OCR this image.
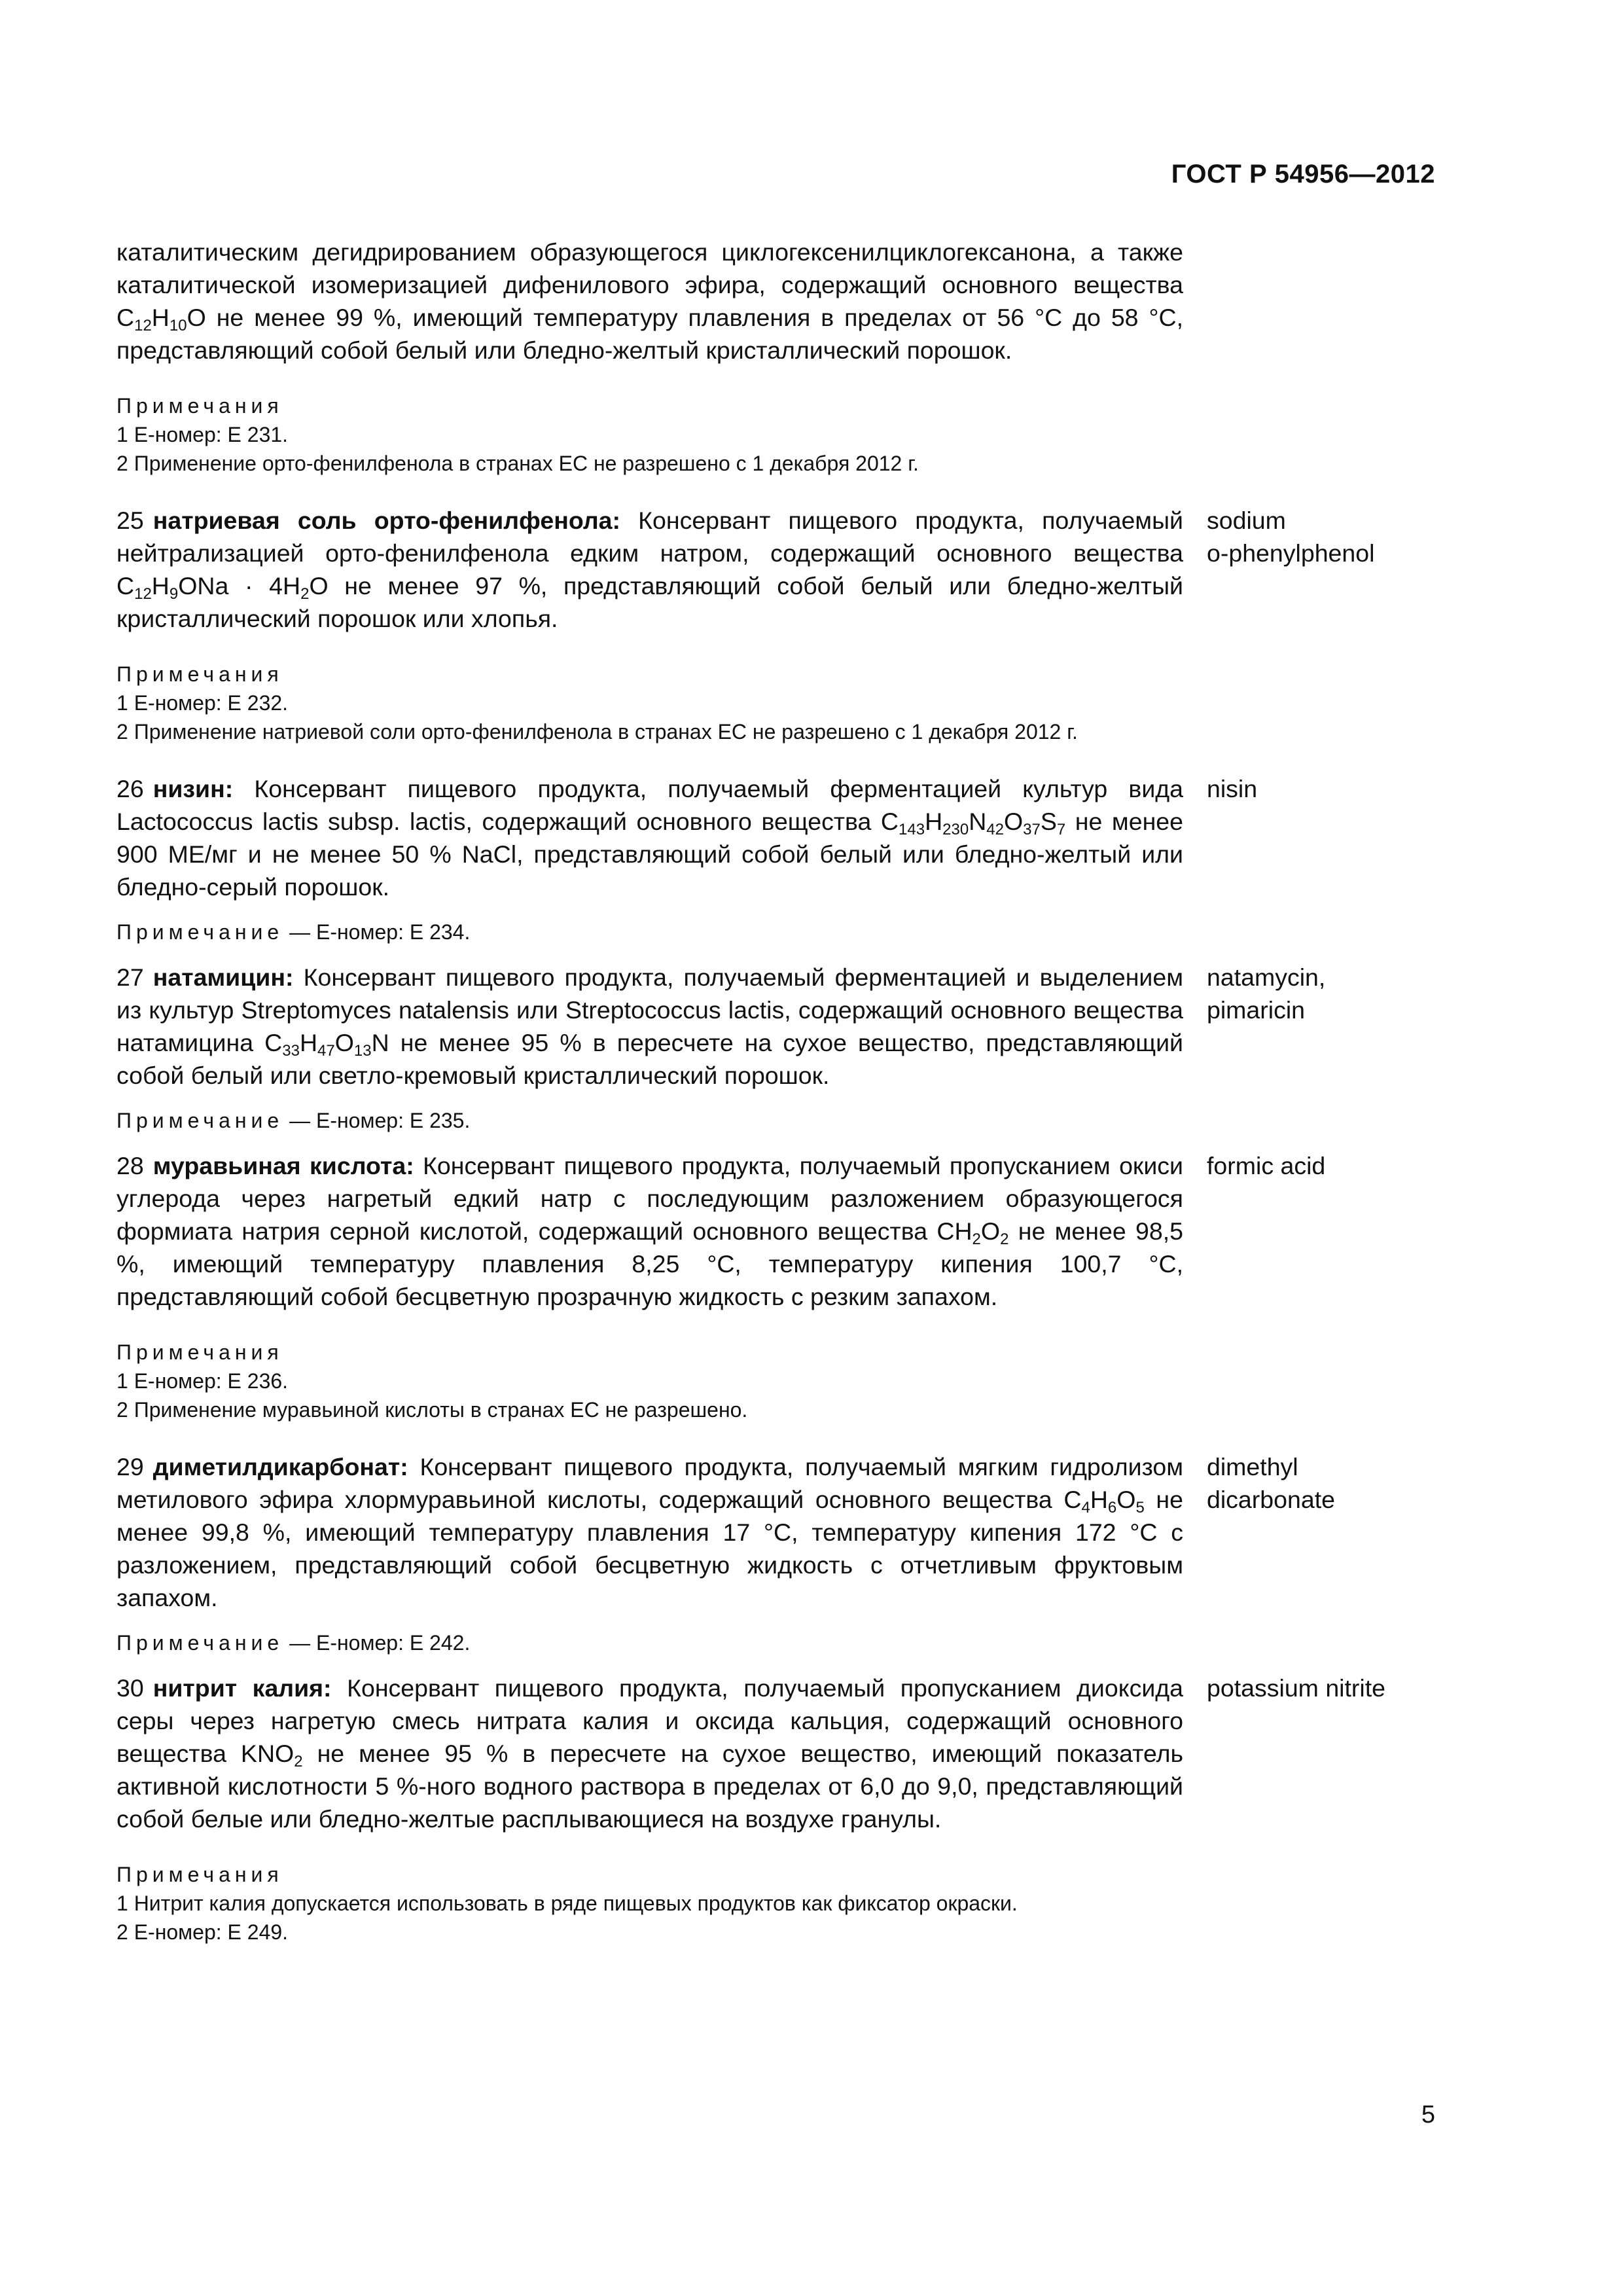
ГОСТ Р 54956—2012
каталитическим дегидрированием образующегося циклогексенилциклогексанона, а также каталитической изомеризацией дифенилового эфира, содержащий основного вещества $C_{12}H_{10}O$ не менее 99 %, имеющий температуру плавления в пределах от 56 °С до 58 °С, представляющий собой белый или бледно-желтый кристаллический порошок.
Примечания
1 Е-номер: Е 231.
2 Применение орто-фенилфенола в странах ЕС не разрешено с 1 декабря 2012 г.
25 натриевая соль орто-фенилфенола: Консервант пищевого продукта, получаемый нейтрализацией орто-фенилфенола едким натром, содержащий основного вещества $C_{12}H_9ONa \cdot 4H_2O$ не менее 97 %, представляющий собой белый или бледно-желтый кристаллический порошок или хлопья.
sodium
o-phenylphenol
Примечания
1 Е-номер: Е 232.
2 Применение натриевой соли орто-фенилфенола в странах ЕС не разрешено с 1 декабря 2012 г.
26 низин: Консервант пищевого продукта, получаемый ферментацией культур вида Lactococcus lactis subsp. lactis, содержащий основного вещества $C_{143}H_{230}N_{42}O_{37}S_7$ не менее 900 МЕ/мг и не менее 50 % NaCl, представляющий собой белый или бледно-желтый или бледно-серый порошок.
nisin
Примечание — Е-номер: Е 234.
27 натамицин: Консервант пищевого продукта, получаемый ферментацией и выделением из культур Streptomyces natalensis или Streptococcus lactis, содержащий основного вещества натамицина $C_{33}H_{47}O_{13}N$ не менее 95 % в пересчете на сухое вещество, представляющий собой белый или светло-кремовый кристаллический порошок.
natamycin,
pimaricin
Примечание — Е-номер: Е 235.
28 муравьиная кислота: Консервант пищевого продукта, получаемый пропусканием окиси углерода через нагретый едкий натр с последующим разложением образующегося формиата натрия серной кислотой, содержащий основного вещества $CH_2O_2$ не менее 98,5 %, имеющий температуру плавления 8,25 °С, температуру кипения 100,7 °С, представляющий собой бесцветную прозрачную жидкость с резким запахом.
formic acid
Примечания
1 Е-номер: Е 236.
2 Применение муравьиной кислоты в странах ЕС не разрешено.
29 диметилдикарбонат: Консервант пищевого продукта, получаемый мягким гидролизом метилового эфира хлормуравьиной кислоты, содержащий основного вещества $C_4H_6O_5$ не менее 99,8 %, имеющий температуру плавления 17 °С, температуру кипения 172 °С с разложением, представляющий собой бесцветную жидкость с отчетливым фруктовым запахом.
dimethyl
dicarbonate
Примечание — Е-номер: Е 242.
30 нитрит калия: Консервант пищевого продукта, получаемый пропусканием диоксида серы через нагретую смесь нитрата калия и оксида кальция, содержащий основного вещества $KNO_2$ не менее 95 % в пересчете на сухое вещество, имеющий показатель активной кислотности 5 %-ного водного раствора в пределах от 6,0 до 9,0, представляющий собой белые или бледно-желтые расплывающиеся на воздухе гранулы.
potassium nitrite
Примечания
1 Нитрит калия допускается использовать в ряде пищевых продуктов как фиксатор окраски.
2 Е-номер: Е 249.
5
